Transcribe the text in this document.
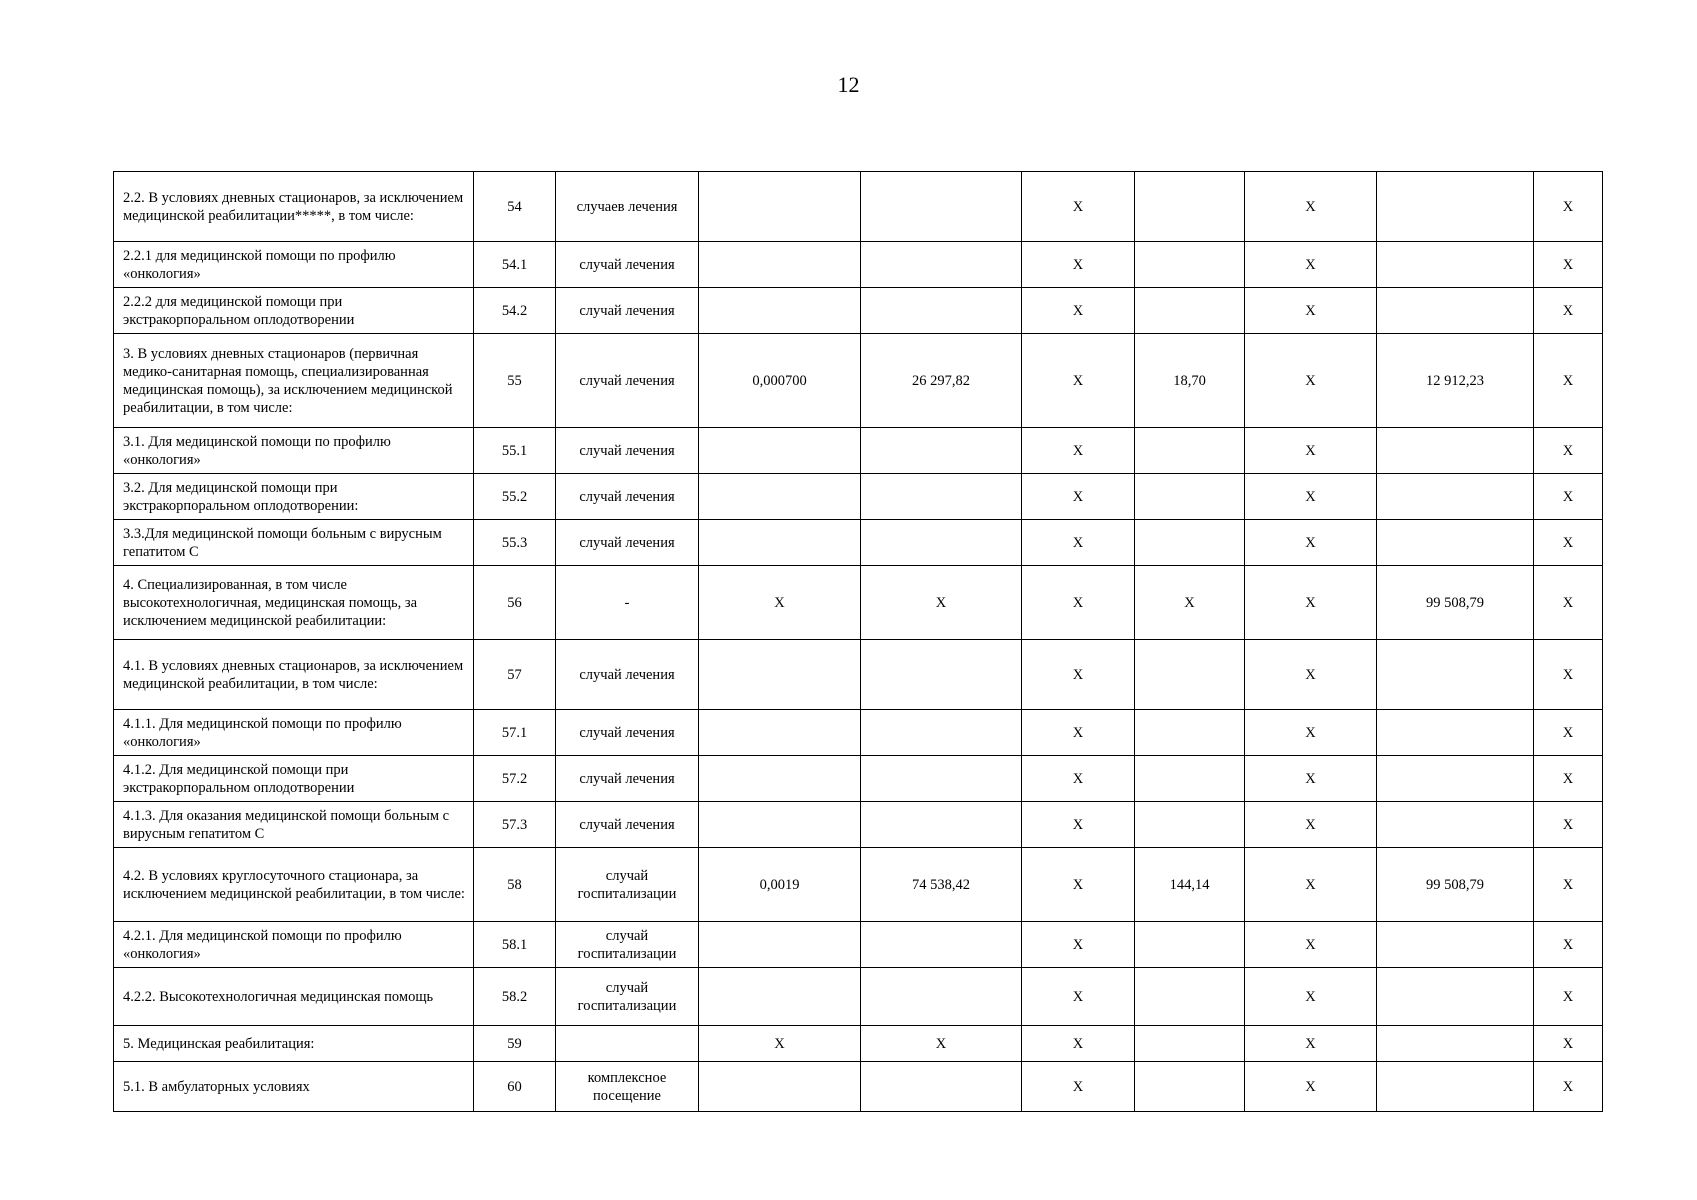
12
2.2. В условиях дневных стационаров, за исключением медицинской реабилитации*****, в том числе:	54	случаев лечения			X		X		X
2.2.1 для медицинской помощи по профилю «онкология»	54.1	случай лечения			X		X		X
2.2.2 для медицинской помощи при экстракорпоральном оплодотворении	54.2	случай лечения			X		X		X
3. В условиях дневных стационаров (первичная медико-санитарная помощь, специализированная медицинская помощь), за исключением медицинской реабилитации, в том числе:	55	случай лечения	0,000700	26 297,82	X	18,70	X	12 912,23	X
3.1. Для медицинской помощи по профилю «онкология»	55.1	случай лечения			X		X		X
3.2. Для медицинской помощи при экстракорпоральном оплодотворении:	55.2	случай лечения			X		X		X
3.3.Для медицинской помощи больным с вирусным гепатитом С	55.3	случай лечения			X		X		X
4. Специализированная, в том числе высокотехнологичная, медицинская помощь, за исключением медицинской реабилитации:	56	-	X	X	X	X	X	99 508,79	X
4.1. В условиях дневных стационаров, за исключением медицинской реабилитации, в том числе:	57	случай лечения			X		X		X
4.1.1. Для медицинской помощи по профилю «онкология»	57.1	случай лечения			X		X		X
4.1.2. Для медицинской помощи при экстракорпоральном оплодотворении	57.2	случай лечения			X		X		X
4.1.3. Для оказания медицинской помощи больным с вирусным гепатитом С	57.3	случай лечения			X		X		X
4.2. В условиях круглосуточного стационара, за исключением медицинской реабилитации, в том числе:	58	случай госпитализации	0,0019	74 538,42	X	144,14	X	99 508,79	X
4.2.1. Для медицинской помощи по профилю «онкология»	58.1	случай госпитализации			X		X		X
4.2.2. Высокотехнологичная медицинская помощь	58.2	случай госпитализации			X		X		X
5. Медицинская реабилитация:	59		X	X	X		X		X
5.1. В амбулаторных условиях	60	комплексное посещение			X		X		X
